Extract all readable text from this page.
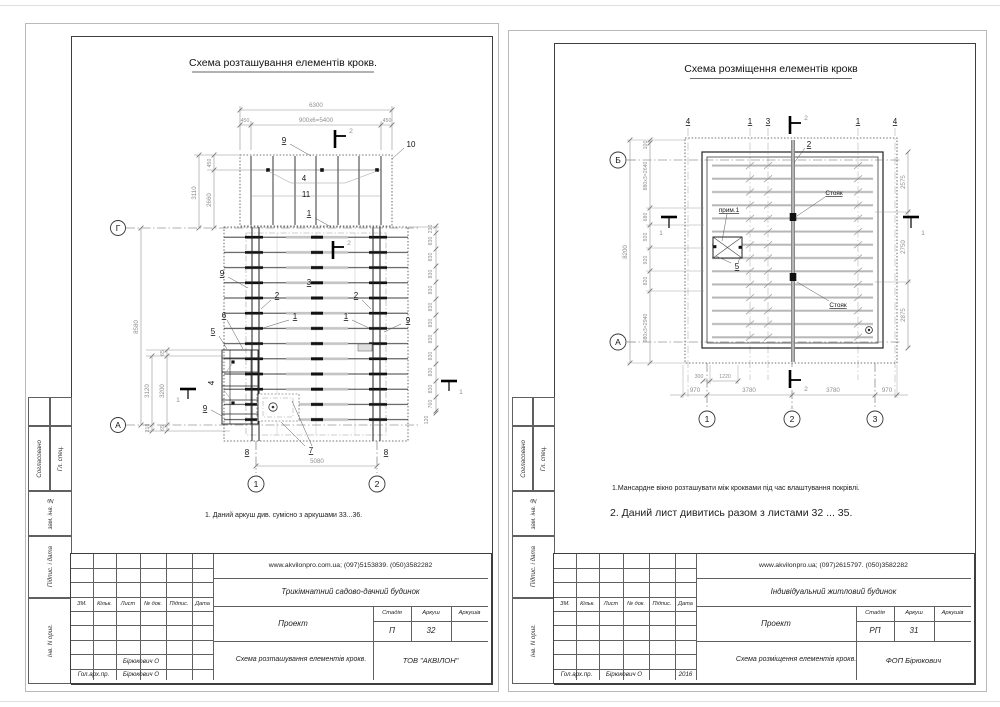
Согласовано Гл. спец.
зам. інв. №
Підпис. і дата
Інв. N ориг.
Схема розташування елементів крокв.
6300
450	900х6=5400	450
2
Г
А
1	2
8580
3110
450
2660
3120
210
65
3200
65
230
830
830
830
830
830
830
830
830
830
830
760
120
5080
9	10
4
11
1
9
3
2	2
1	1	9
6
5
4
9
7
8	8
2
1
1
1. Даний аркуш див. сумісно з аркушами 33...36.
ЗМ.	Кільк.	Лист	№ док.	Підпис.	Дата
Бірюкович О
Гол.арх.пр.	Бірюкович О
www.akvilonpro.com.ua; (097)5153839. (050)3582282
Трикімнатний садово-дачний будинок
Проект
Стадія	Аркуш	Аркушів
П	32
Схема розташування елементів крокв.	ТОВ "АКВІЛОН"
Согласовано Гл. спец.
зам. інв. №
Підпис. і дата
Інв. N ориг.
Схема розміщення елементів крокв
4	1 3	1	4
2
Б
А
1	2	3
100
880х3=2640
680
920
920
820
980х3=2940
8200
2575
2750
2875
1	1
2
300	1220
970	3780	3780	970
2
Стояк
Стояк
прим.1
5
1.Мансардне вікно розташувати між кроквами під час влаштування покрівлі.
2. Даний лист дивитись разом з листами 32 ... 35.
ЗМ.	Кільк.	Лист	№ док.	Підпис.	Дата
Гол.арх.пр.	Бірюкович О	2016
www.akvilonpro.ua; (097)2615797. (050)3582282
Індивідуальний житловий будинок
Проект
Стадія	Аркуш	Аркушів
РП	31
Схема розміщення елементів крокв.	ФОП Бірюкович
